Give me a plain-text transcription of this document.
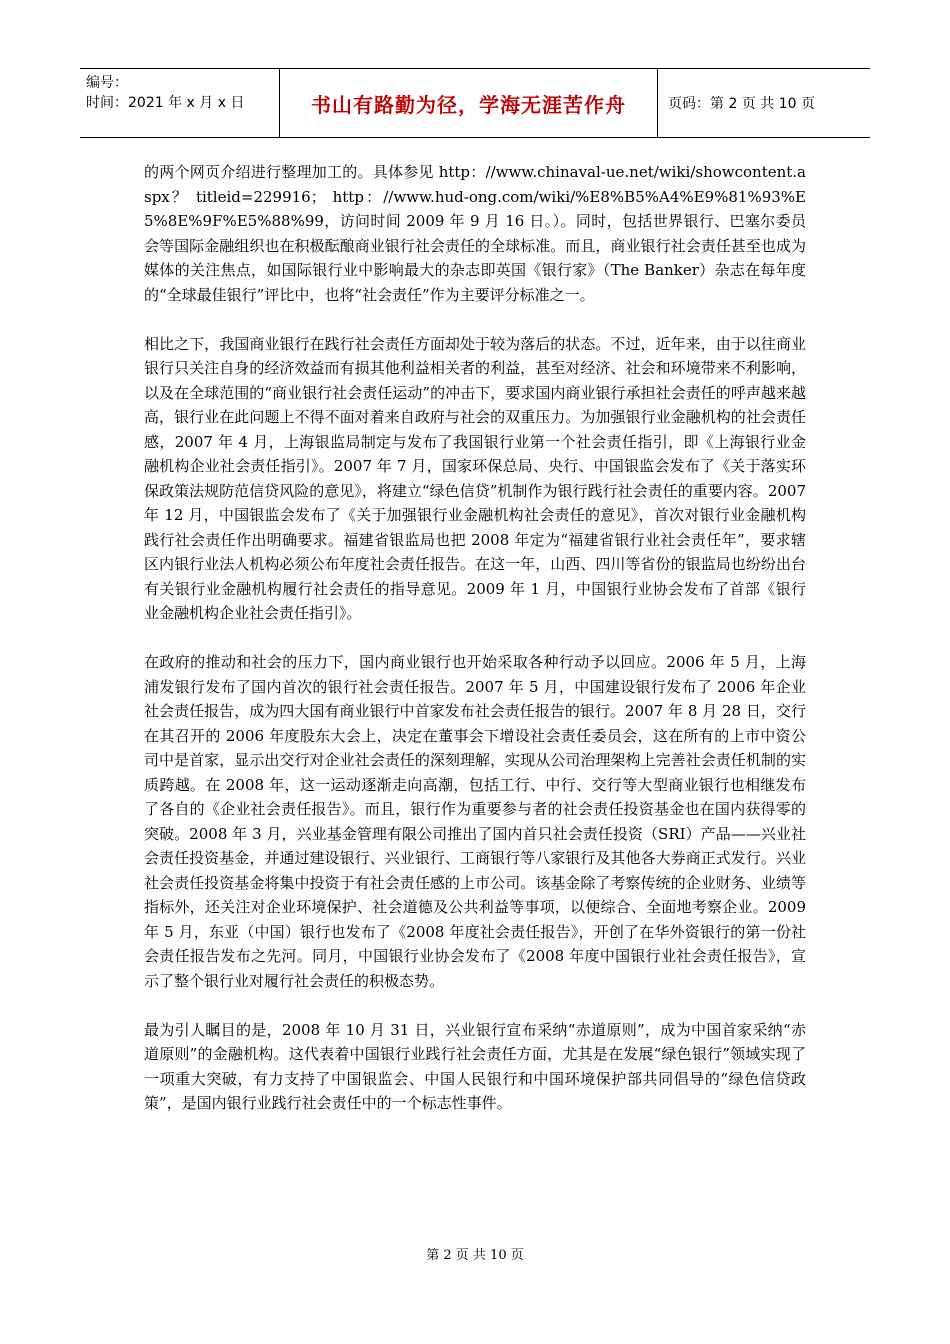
编号：
时间：2021 年 x 月 x 日	书山有路勤为径，学海无涯苦作舟	页码：第 2 页 共 10 页

的两个网页介绍进行整理加工的。具体参见 http：//www.chinaval-ue.net/wiki/showcontent.aspx？ titleid=229916； http：//www.hud-ong.com/wiki/%E8%B5%A4%E9%81%93%E5%8E%9F%E5%88%99，访问时间 2009 年 9 月 16 日。）。同时，包括世界银行、巴塞尔委员会等国际金融组织也在积极酝酿商业银行社会责任的全球标准。而且，商业银行社会责任甚至也成为媒体的关注焦点，如国际银行业中影响最大的杂志即英国《银行家》（The Banker）杂志在每年度的“全球最佳银行”评比中，也将“社会责任”作为主要评分标准之一。

相比之下，我国商业银行在践行社会责任方面却处于较为落后的状态。不过，近年来，由于以往商业银行只关注自身的经济效益而有损其他利益相关者的利益，甚至对经济、社会和环境带来不利影响，以及在全球范围的“商业银行社会责任运动”的冲击下，要求国内商业银行承担社会责任的呼声越来越高，银行业在此问题上不得不面对着来自政府与社会的双重压力。为加强银行业金融机构的社会责任感，2007 年 4 月，上海银监局制定与发布了我国银行业第一个社会责任指引，即《上海银行业金融机构企业社会责任指引》。2007 年 7 月，国家环保总局、央行、中国银监会发布了《关于落实环保政策法规防范信贷风险的意见》，将建立“绿色信贷”机制作为银行践行社会责任的重要内容。2007 年 12 月，中国银监会发布了《关于加强银行业金融机构社会责任的意见》，首次对银行业金融机构践行社会责任作出明确要求。福建省银监局也把 2008 年定为“福建省银行业社会责任年”，要求辖区内银行业法人机构必须公布年度社会责任报告。在这一年，山西、四川等省份的银监局也纷纷出台有关银行业金融机构履行社会责任的指导意见。2009 年 1 月，中国银行业协会发布了首部《银行业金融机构企业社会责任指引》。

在政府的推动和社会的压力下，国内商业银行也开始采取各种行动予以回应。2006 年 5 月，上海浦发银行发布了国内首次的银行社会责任报告。2007 年 5 月，中国建设银行发布了 2006 年企业社会责任报告，成为四大国有商业银行中首家发布社会责任报告的银行。2007 年 8 月 28 日，交行在其召开的 2006 年度股东大会上，决定在董事会下增设社会责任委员会，这在所有的上市中资公司中是首家，显示出交行对企业社会责任的深刻理解，实现从公司治理架构上完善社会责任机制的实质跨越。在 2008 年，这一运动逐渐走向高潮，包括工行、中行、交行等大型商业银行也相继发布了各自的《企业社会责任报告》。而且，银行作为重要参与者的社会责任投资基金也在国内获得零的突破。2008 年 3 月，兴业基金管理有限公司推出了国内首只社会责任投资（SRI）产品——兴业社会责任投资基金，并通过建设银行、兴业银行、工商银行等八家银行及其他各大券商正式发行。兴业社会责任投资基金将集中投资于有社会责任感的上市公司。该基金除了考察传统的企业财务、业绩等指标外，还关注对企业环境保护、社会道德及公共利益等事项，以便综合、全面地考察企业。2009 年 5 月，东亚（中国）银行也发布了《2008 年度社会责任报告》，开创了在华外资银行的第一份社会责任报告发布之先河。同月，中国银行业协会发布了《2008 年度中国银行业社会责任报告》，宣示了整个银行业对履行社会责任的积极态势。

最为引人瞩目的是，2008 年 10 月 31 日，兴业银行宣布采纳“赤道原则”，成为中国首家采纳“赤道原则”的金融机构。这代表着中国银行业践行社会责任方面，尤其是在发展“绿色银行”领域实现了一项重大突破，有力支持了中国银监会、中国人民银行和中国环境保护部共同倡导的“绿色信贷政策”，是国内银行业践行社会责任中的一个标志性事件。

第 2 页 共 10 页
